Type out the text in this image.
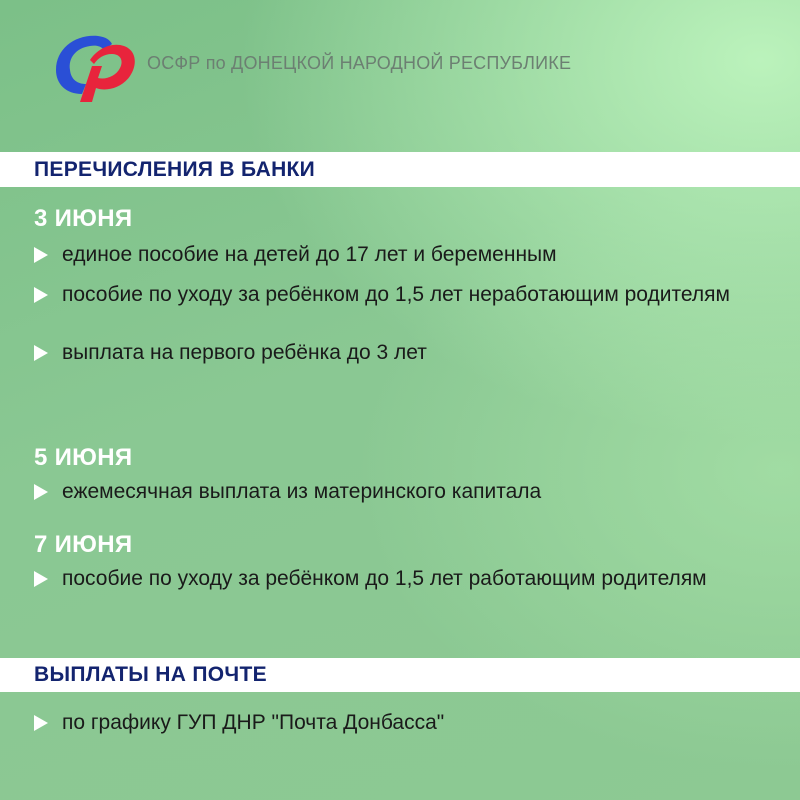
ОСФР по ДОНЕЦКОЙ НАРОДНОЙ РЕСПУБЛИКЕ
ПЕРЕЧИСЛЕНИЯ В БАНКИ
3 ИЮНЯ
единое пособие на детей до 17 лет и беременным
пособие по уходу за ребёнком до 1,5 лет неработающим родителям
выплата на первого ребёнка до 3 лет
5 ИЮНЯ
ежемесячная выплата из материнского капитала
7 ИЮНЯ
пособие по уходу за ребёнком до 1,5 лет работающим родителям
ВЫПЛАТЫ НА ПОЧТЕ
по графику ГУП ДНР "Почта Донбасса"
